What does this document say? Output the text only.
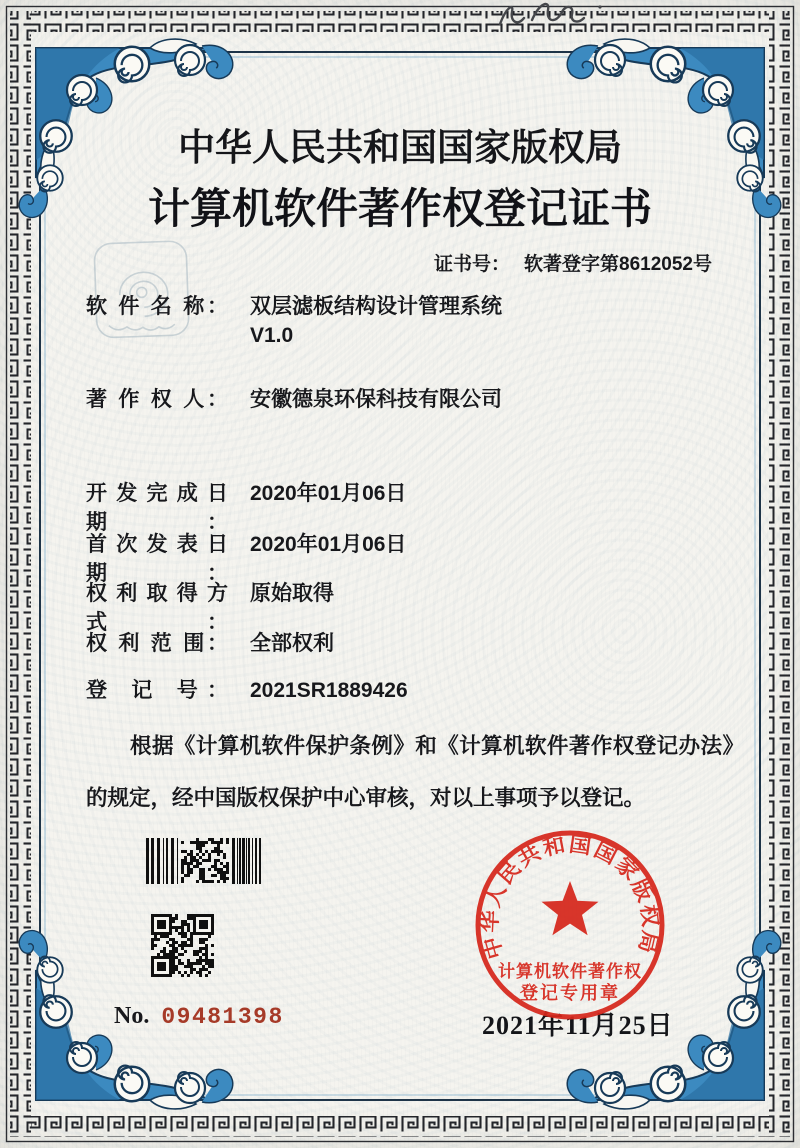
中华人民共和国国家版权局
计算机软件著作权登记证书
证书号： 软著登字第8612052号
软 件 名 称： 双层滤板结构设计管理系统
V1.0
著 作 权 人： 安徽德泉环保科技有限公司
开发完成日期：
2020年01月06日
首次发表日期：
2020年01月06日
权利取得方式：
原始取得
权 利 范 围： 全部权利
登 记 号： 2021SR1889426
根据《计算机软件保护条例》和《计算机软件著作权登记办法》的规定，经中国版权保护中心审核，对以上事项予以登记。
No. 09481398	2021年11月25日
中华人民共和国国家版权局
计算机软件著作权
登记专用章
